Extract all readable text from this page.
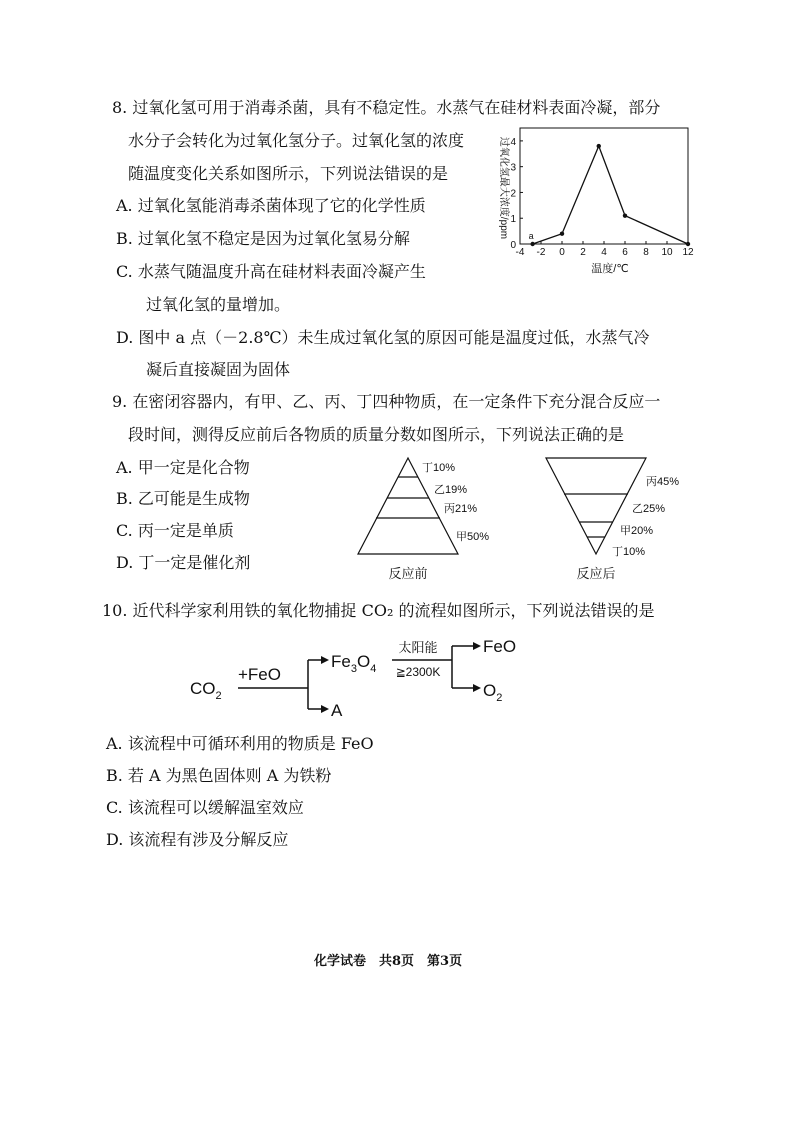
8. 过氧化氢可用于消毒杀菌，具有不稳定性。水蒸气在硅材料表面冷凝，部分
水分子会转化为过氧化氢分子。过氧化氢的浓度
随温度变化关系如图所示，下列说法错误的是
A. 过氧化氢能消毒杀菌体现了它的化学性质
B. 过氧化氢不稳定是因为过氧化氢易分解
C. 水蒸气随温度升高在硅材料表面冷凝产生
过氧化氢的量增加。
D. 图中 a 点（－2.8℃）未生成过氧化氢的原因可能是温度过低，水蒸气冷
凝后直接凝固为固体
-4 -2 0 2 4 6 8 10 12
0
1
2
3
4
a
过氧化氢最大浓度/ppm
温度/℃
9. 在密闭容器内，有甲、乙、丙、丁四种物质，在一定条件下充分混合反应一
段时间，测得反应前后各物质的质量分数如图所示，下列说法正确的是
A. 甲一定是化合物
B. 乙可能是生成物
C. 丙一定是单质
D. 丁一定是催化剂
丁10%
乙19%
丙21%
甲50%
反应前
丙45%
乙25%
甲20%
丁10%
反应后
10. 近代科学家利用铁的氧化物捕捉 CO₂ 的流程如图所示，下列说法错误的是
$CO_2$
+FeO
$Fe_3O_4$
A
太阳能
≧2300K
FeO
$O_2$
A. 该流程中可循环利用的物质是 FeO
B. 若 A 为黑色固体则 A 为铁粉
C. 该流程可以缓解温室效应
D. 该流程有涉及分解反应
化学试卷　共8页　第3页
